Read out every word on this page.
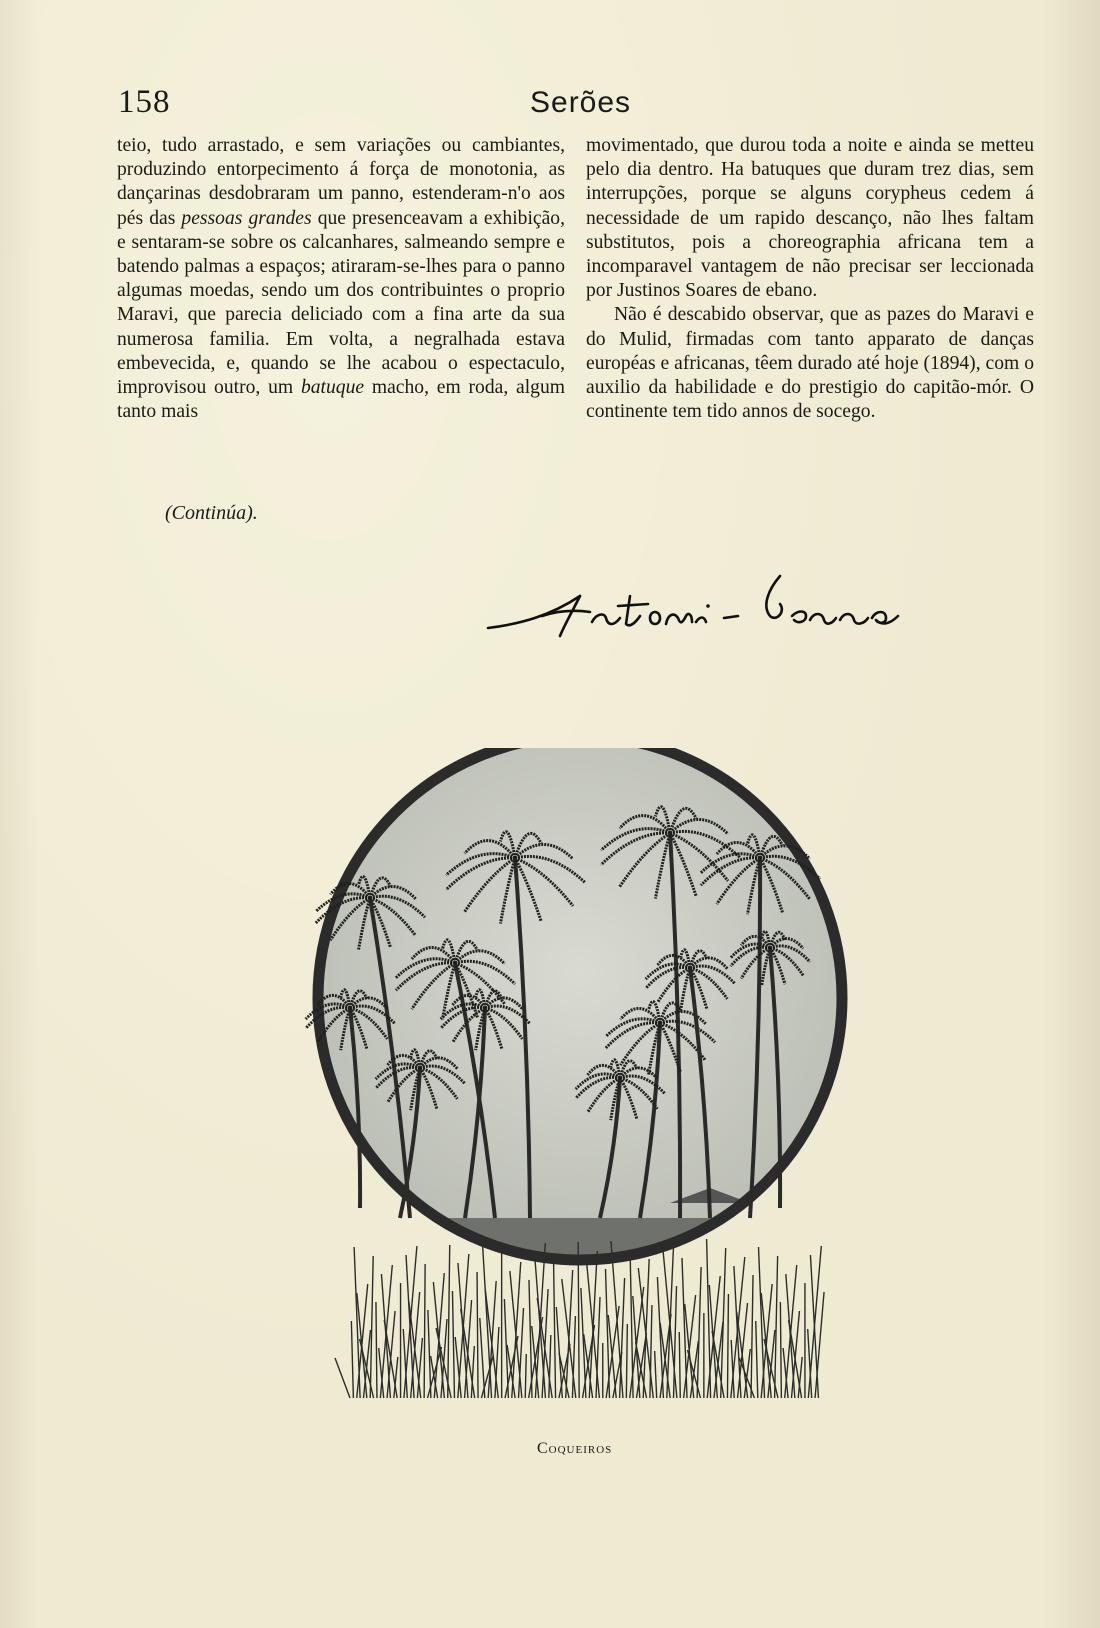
158	Serões

teio, tudo arrastado, e sem variações ou cambiantes, produzindo entorpecimento á força de monotonia, as dançarinas desdobraram um panno, estenderam-n'o aos pés das pessoas grandes que presenceavam a exhibição, e sentaram-se sobre os calcanhares, salmeando sempre e batendo palmas a espaços; atiraram-se-lhes para o panno algumas moedas, sendo um dos contribuintes o proprio Maravi, que parecia deliciado com a fina arte da sua numerosa familia. Em volta, a negralhada estava embevecida, e, quando se lhe acabou o espectaculo, improvisou outro, um batuque macho, em roda, algum tanto mais

(Continúa).

movimentado, que durou toda a noite e ainda se metteu pelo dia dentro. Ha batuques que duram trez dias, sem interrupções, porque se alguns corypheus cedem á necessidade de um rapido descanço, não lhes faltam substitutos, pois a choreographia africana tem a incomparavel vantagem de não precisar ser leccionada por Justinos Soares de ebano.

Não é descabido observar, que as pazes do Maravi e do Mulid, firmadas com tanto apparato de danças européas e africanas, têem durado até hoje (1894), com o auxilio da habilidade e do prestigio do capitão-mór. O continente tem tido annos de socego.

Coqueiros
